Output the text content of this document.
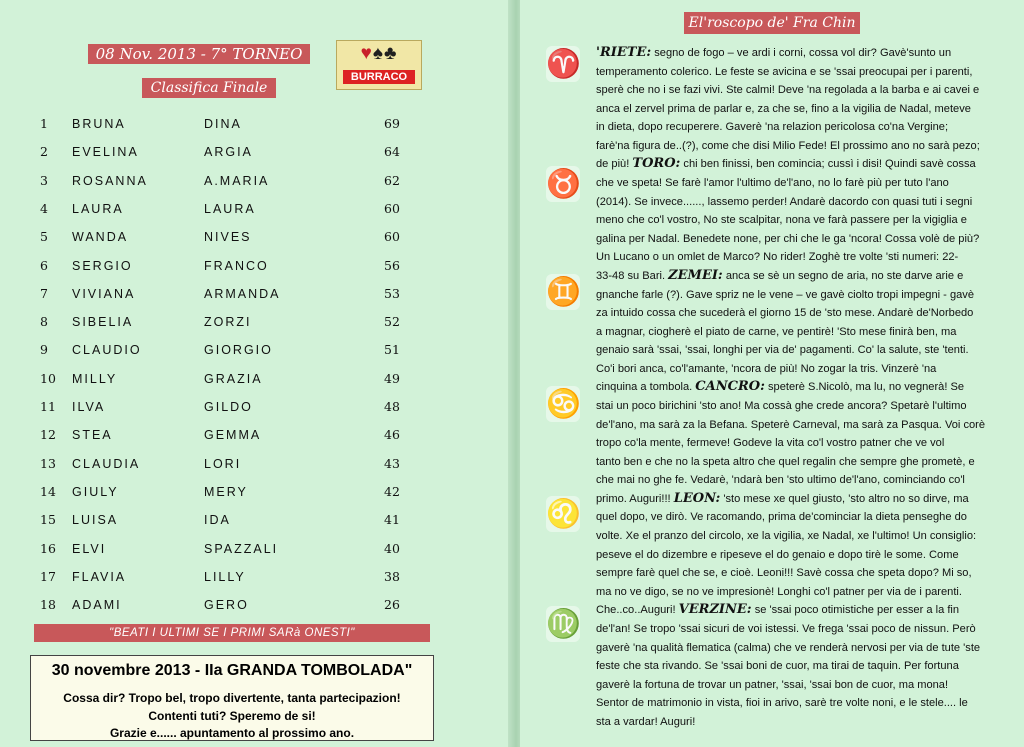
08 Nov. 2013 - 7° TORNEO	♥♠♣
BURRACO
Classifica Finale
1 BRUNA	DINA	69
2 EVELINA	ARGIA	64
3 ROSANNA	A.MARIA	62
4 LAURA	LAURA	60
5 WANDA	NIVES	60
6 SERGIO	FRANCO	56
7 VIVIANA	ARMANDA	53
8 SIBELIA	ZORZI	52
9 CLAUDIO	GIORGIO	51
10 MILLY	GRAZIA	49
11 ILVA	GILDO	48
12 STEA	GEMMA	46
13 CLAUDIA	LORI	43
14 GIULY	MERY	42
15 LUISA	IDA	41
16 ELVI	SPAZZALI	40
17 FLAVIA	LILLY	38
18 ADAMI	GERO	26
"BEATI I ULTIMI SE I PRIMI SARà ONESTI"
30 novembre 2013 - IIa GRANDA TOMBOLADA"
Cossa dir? Tropo bel, tropo divertente, tanta partecipazion!
Contenti tuti? Speremo de si!
Grazie e...... apuntamento al prossimo ano.
El'roscopo de' Fra Chin
♈
♉
♊
♋
♌
♍
'RIETE: segno de fogo – ve ardi i corni, cossa vol dir? Gavè'sunto un
temperamento colerico. Le feste se avicina e se 'ssai preocupai per i parenti,
sperè che no i se fazi vivi. Ste calmi! Deve 'na regolada a la barba e ai cavei e
anca el zervel prima de parlar e, za che se, fino a la vigilia de Nadal, meteve
in dieta, dopo recuperere. Gaverè 'na relazion pericolosa co'na Vergine;
farè'na figura de..(?), come che disi Milio Fede! El prossimo ano no sarà pezo;
de più! TORO: chi ben finissi, ben comincia; cussì i disi! Quindi savè cossa
che ve speta! Se farè l'amor l'ultimo de'l'ano, no lo farè più per tuto l'ano
(2014). Se invece......, lassemo perder! Andarè dacordo con quasi tuti i segni
meno che co'l vostro, No ste scalpitar, nona ve farà passere per la vigiglia e
galina per Nadal. Benedete none, per chi che le ga 'ncora! Cossa volè de più?
Un Lucano o un omlet de Marco? No rider! Zoghè tre volte 'sti numeri: 22-
33-48 su Bari. ZEMEI: anca se sè un segno de aria, no ste darve arie e
gnanche farle (?). Gave spriz ne le vene – ve gavè ciolto tropi impegni - gavè
za intuido cossa che sucederà el giorno 15 de 'sto mese. Andarè de'Norbedo
a magnar, ciogherè el piato de carne, ve pentirè! 'Sto mese finirà ben, ma
genaio sarà 'ssai, 'ssai, longhi per via de' pagamenti. Co' la salute, ste 'tenti.
Co'i bori anca, co'l'amante, 'ncora de più! No zogar la tris. Vinzerè 'na
cinquina a tombola. CANCRO: speterè S.Nicolò, ma lu, no vegnerà! Se
stai un poco birichini 'sto ano! Ma cossà ghe crede ancora? Spetarè l'ultimo
de'l'ano, ma sarà za la Befana. Speterè Carneval, ma sarà za Pasqua. Voi corè
tropo co'la mente, fermeve! Godeve la vita co'l vostro patner che ve vol
tanto ben e che no la speta altro che quel regalin che sempre ghe prometè, e
che mai no ghe fe. Vedarè, 'ndarà ben 'sto ultimo de'l'ano, cominciando co'l
primo. Auguri!!! LEON: 'sto mese xe quel giusto, 'sto altro no so dirve, ma
quel dopo, ve dirò. Ve racomando, prima de'cominciar la dieta penseghe do
volte. Xe el pranzo del circolo, xe la vigilia, xe Nadal, xe l'ultimo! Un consiglio:
peseve el do dizembre e ripeseve el do genaio e dopo tirè le some. Come
sempre farè quel che se, e cioè. Leoni!!! Savè cossa che speta dopo? Mi so,
ma no ve digo, se no ve impresionè! Longhi co'l patner per via de i parenti.
Che..co..Auguri! VERZINE: se 'ssai poco otimistiche per esser a la fin
de'l'an! Se tropo 'ssai sicuri de voi istessi. Ve frega 'ssai poco de nissun. Però
gaverè 'na qualità flematica (calma) che ve renderà nervosi per via de tute 'ste
feste che sta rivando. Se 'ssai boni de cuor, ma tirai de taquin. Per fortuna
gaverè la fortuna de trovar un patner, 'ssai, 'ssai bon de cuor, ma mona!
Sentor de matrimonio in vista, fioi in arivo, sarè tre volte noni, e le stele.... le
sta a vardar! Auguri!
